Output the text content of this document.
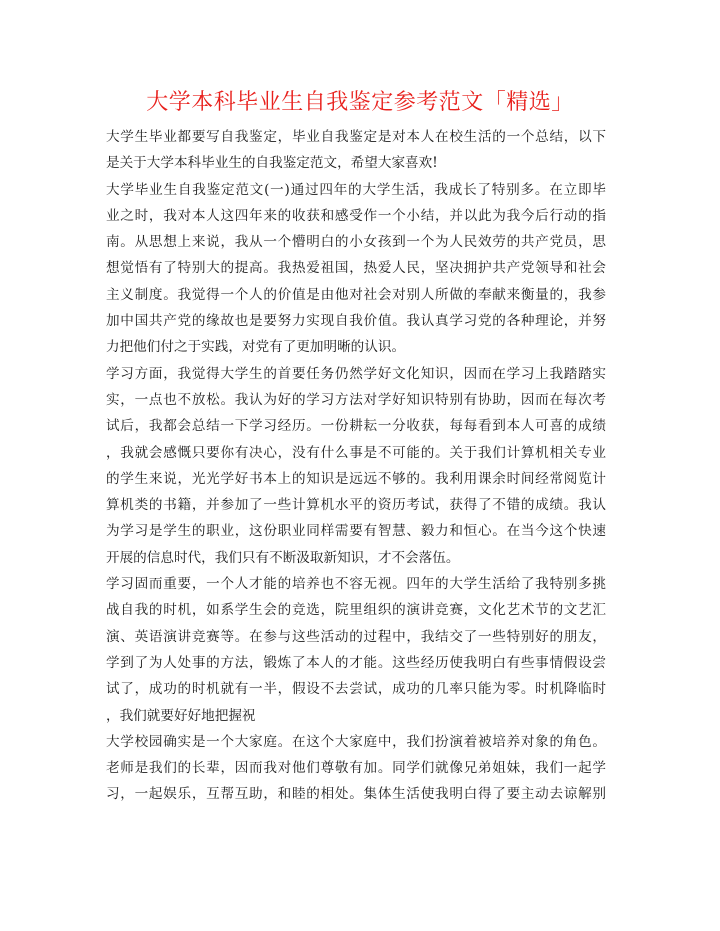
大学本科毕业生自我鉴定参考范文「精选」
大学生毕业都要写自我鉴定，毕业自我鉴定是对本人在校生活的一个总结，以下
是关于大学本科毕业生的自我鉴定范文，希望大家喜欢!
大学毕业生自我鉴定范文(一)通过四年的大学生活，我成长了特别多。在立即毕
业之时，我对本人这四年来的收获和感受作一个小结，并以此为我今后行动的指
南。从思想上来说，我从一个懵明白的小女孩到一个为人民效劳的共产党员，思
想觉悟有了特别大的提高。我热爱祖国，热爱人民，坚决拥护共产党领导和社会
主义制度。我觉得一个人的价值是由他对社会对别人所做的奉献来衡量的，我参
加中国共产党的缘故也是要努力实现自我价值。我认真学习党的各种理论，并努
力把他们付之于实践，对党有了更加明晰的认识。
学习方面，我觉得大学生的首要任务仍然学好文化知识，因而在学习上我踏踏实
实，一点也不放松。我认为好的学习方法对学好知识特别有协助，因而在每次考
试后，我都会总结一下学习经历。一份耕耘一分收获，每每看到本人可喜的成绩
，我就会感慨只要你有决心，没有什么事是不可能的。关于我们计算机相关专业
的学生来说，光光学好书本上的知识是远远不够的。我利用课余时间经常阅览计
算机类的书籍，并参加了一些计算机水平的资历考试，获得了不错的成绩。我认
为学习是学生的职业，这份职业同样需要有智慧、毅力和恒心。在当今这个快速
开展的信息时代，我们只有不断汲取新知识，才不会落伍。
学习固而重要，一个人才能的培养也不容无视。四年的大学生活给了我特别多挑
战自我的时机，如系学生会的竞选，院里组织的演讲竞赛，文化艺术节的文艺汇
演、英语演讲竞赛等。在参与这些活动的过程中，我结交了一些特别好的朋友，
学到了为人处事的方法，锻炼了本人的才能。这些经历使我明白有些事情假设尝
试了，成功的时机就有一半，假设不去尝试，成功的几率只能为零。时机降临时
，我们就要好好地把握祝
大学校园确实是一个大家庭。在这个大家庭中，我们扮演着被培养对象的角色。
老师是我们的长辈，因而我对他们尊敬有加。同学们就像兄弟姐妹，我们一起学
习，一起娱乐，互帮互助，和睦的相处。集体生活使我明白得了要主动去谅解别
